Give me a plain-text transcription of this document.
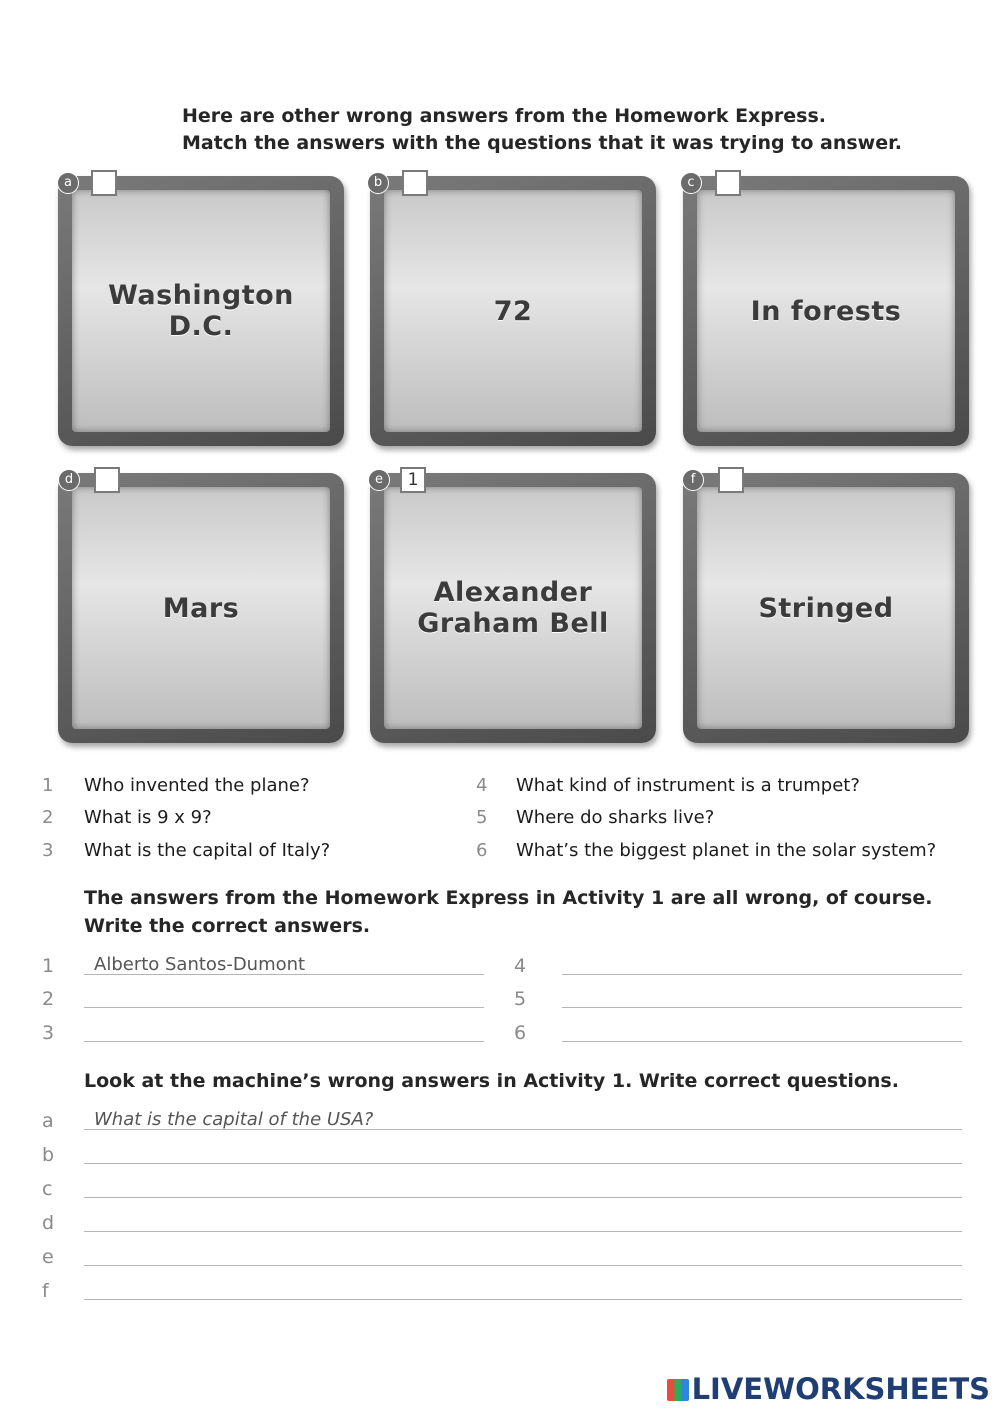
Here are other wrong answers from the Homework Express.
Match the answers with the questions that it was trying to answer.
Washington
D.C.	72	In forests
Mars	Alexander
Graham Bell	Stringed
a	b	c
d	e	1	f
1 Who invented the plane?
2 What is 9 x 9?
3 What is the capital of Italy?
4 What kind of instrument is a trumpet?
5 Where do sharks live?
6 What’s the biggest planet in the solar system?
The answers from the Homework Express in Activity 1 are all wrong, of course.
Write the correct answers.
1 Alberto Santos-Dumont
2
3
4
5
6
Look at the machine’s wrong answers in Activity 1. Write correct questions.
a What is the capital of the USA?
b
c
d
e
f
LIVEWORKSHEETS
